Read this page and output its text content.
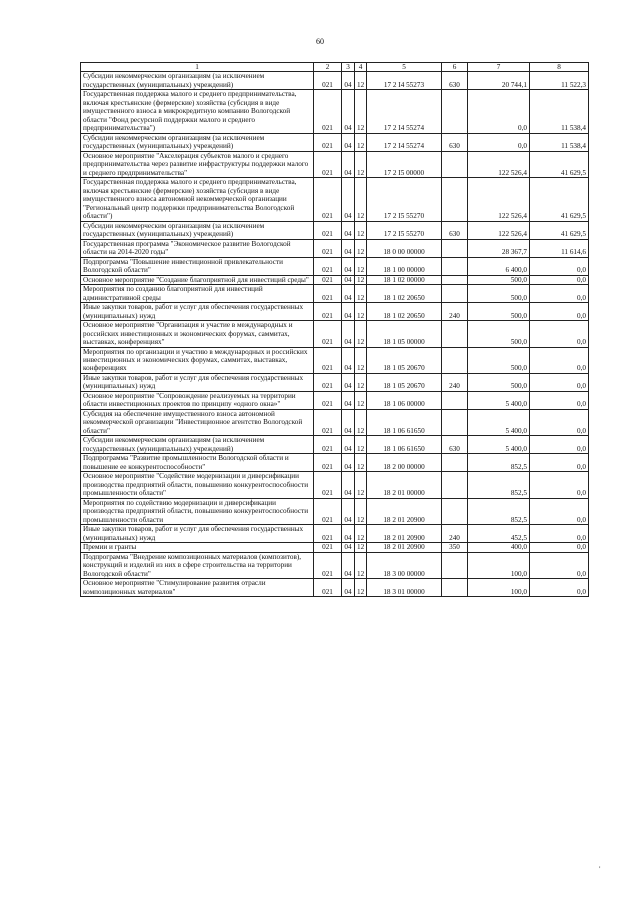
60
1	2	3	4	5	6	7	8
Субсидии некоммерческим организациям (за исключением государственных (муниципальных) учреждений)	021	04	12	17 2 I4 55273	630	20 744,1	11 522,3
Государственная поддержка малого и среднего предпринимательства, включая крестьянские (фермерские) хозяйства (субсидия в виде имущественного взноса в микрокредитную компанию Вологодской области "Фонд ресурсной поддержки малого и среднего предпринимательства")	021	04	12	17 2 I4 55274		0,0	11 538,4
Субсидии некоммерческим организациям (за исключением государственных (муниципальных) учреждений)	021	04	12	17 2 I4 55274	630	0,0	11 538,4
Основное мероприятие "Акселерация субъектов малого и среднего предпринимательства через развитие инфраструктуры поддержки малого и среднего предпринимательства"	021	04	12	17 2 I5 00000		122 526,4	41 629,5
Государственная поддержка малого и среднего предпринимательства, включая крестьянские (фермерские) хозяйства (субсидия в виде имущественного взноса автономной некоммерческой организации "Региональный центр поддержки предпринимательства Вологодской области")	021	04	12	17 2 I5 55270		122 526,4	41 629,5
Субсидии некоммерческим организациям (за исключением государственных (муниципальных) учреждений)	021	04	12	17 2 I5 55270	630	122 526,4	41 629,5
Государственная программа "Экономическое развитие Вологодской области на 2014-2020 годы"	021	04	12	18 0 00 00000		28 367,7	11 614,6
Подпрограмма "Повышение инвестиционной привлекательности Вологодской области"	021	04	12	18 1 00 00000		6 400,0	0,0
Основное мероприятие "Создание благоприятной для инвестиций среды"	021	04	12	18 1 02 00000		500,0	0,0
Мероприятия по созданию благоприятной для инвестиций административной среды	021	04	12	18 1 02 20650		500,0	0,0
Иные закупки товаров, работ и услуг для обеспечения государственных (муниципальных) нужд	021	04	12	18 1 02 20650	240	500,0	0,0
Основное мероприятие "Организация и участие в международных и российских инвестиционных и экономических форумах, саммитах, выставках, конференциях"	021	04	12	18 1 05 00000		500,0	0,0
Мероприятия по организации и участию в международных и российских инвестиционных и экономических форумах, саммитах, выставках, конференциях	021	04	12	18 1 05 20670		500,0	0,0
Иные закупки товаров, работ и услуг для обеспечения государственных (муниципальных) нужд	021	04	12	18 1 05 20670	240	500,0	0,0
Основное мероприятие "Сопровождение реализуемых на территории области инвестиционных проектов по принципу «одного окна»"	021	04	12	18 1 06 00000		5 400,0	0,0
Субсидия на обеспечение имущественного взноса автономной некоммерческой организации "Инвестиционное агентство Вологодской области"	021	04	12	18 1 06 61650		5 400,0	0,0
Субсидии некоммерческим организациям (за исключением государственных (муниципальных) учреждений)	021	04	12	18 1 06 61650	630	5 400,0	0,0
Подпрограмма "Развитие промышленности Вологодской области и повышение ее конкурентоспособности"	021	04	12	18 2 00 00000		852,5	0,0
Основное мероприятие "Содействие модернизации и диверсификации производства предприятий области, повышению конкурентоспособности промышленности области"	021	04	12	18 2 01 00000		852,5	0,0
Мероприятия по содействию модернизации и диверсификации производства предприятий области, повышению конкурентоспособности промышленности области	021	04	12	18 2 01 20900		852,5	0,0
Иные закупки товаров, работ и услуг для обеспечения государственных (муниципальных) нужд	021	04	12	18 2 01 20900	240	452,5	0,0
Премии и гранты	021	04	12	18 2 01 20900	350	400,0	0,0
Подпрограмма "Внедрение композиционных материалов (композитов), конструкций и изделий из них в сфере строительства на территории Вологодской области"	021	04	12	18 3 00 00000		100,0	0,0
Основное мероприятие "Стимулирование развития отрасли композиционных материалов"	021	04	12	18 3 01 00000		100,0	0,0
,
